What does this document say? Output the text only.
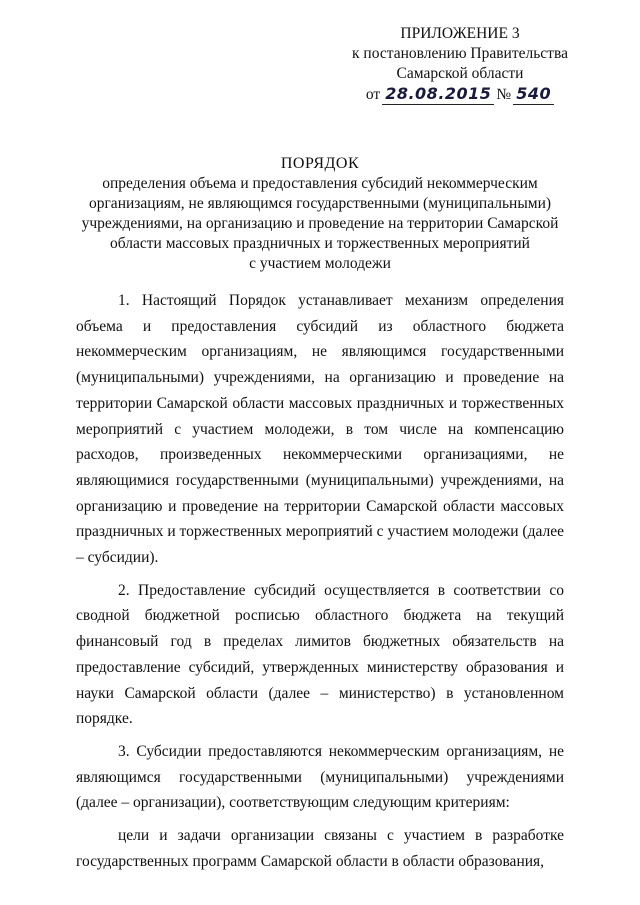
ПРИЛОЖЕНИЕ 3
к постановлению Правительства
Самарской области
от 28.08.2015 № 540
ПОРЯДОК
определения объема и предоставления субсидий некоммерческим
организациям, не являющимся государственными (муниципальными)
учреждениями, на организацию и проведение на территории Самарской
области массовых праздничных и торжественных мероприятий
с участием молодежи

1. Настоящий Порядок устанавливает механизм определения объема и предоставления субсидий из областного бюджета некоммерческим организациям, не являющимся государственными (муниципальными) учреждениями, на организацию и проведение на территории Самарской области массовых праздничных и торжественных мероприятий с участием молодежи, в том числе на компенсацию расходов, произведенных некоммерческими организациями, не являющимися государственными (муниципальными) учреждениями, на организацию и проведение на территории Самарской области массовых праздничных и торжественных мероприятий с участием молодежи (далее – субсидии).

2. Предоставление субсидий осуществляется в соответствии со сводной бюджетной росписью областного бюджета на текущий финансовый год в пределах лимитов бюджетных обязательств на предоставление субсидий, утвержденных министерству образования и науки Самарской области (далее – министерство) в установленном порядке.

3. Субсидии предоставляются некоммерческим организациям, не являющимся государственными (муниципальными) учреждениями (далее – организации), соответствующим следующим критериям:

цели и задачи организации связаны с участием в разработке государственных программ Самарской области в области образования,
